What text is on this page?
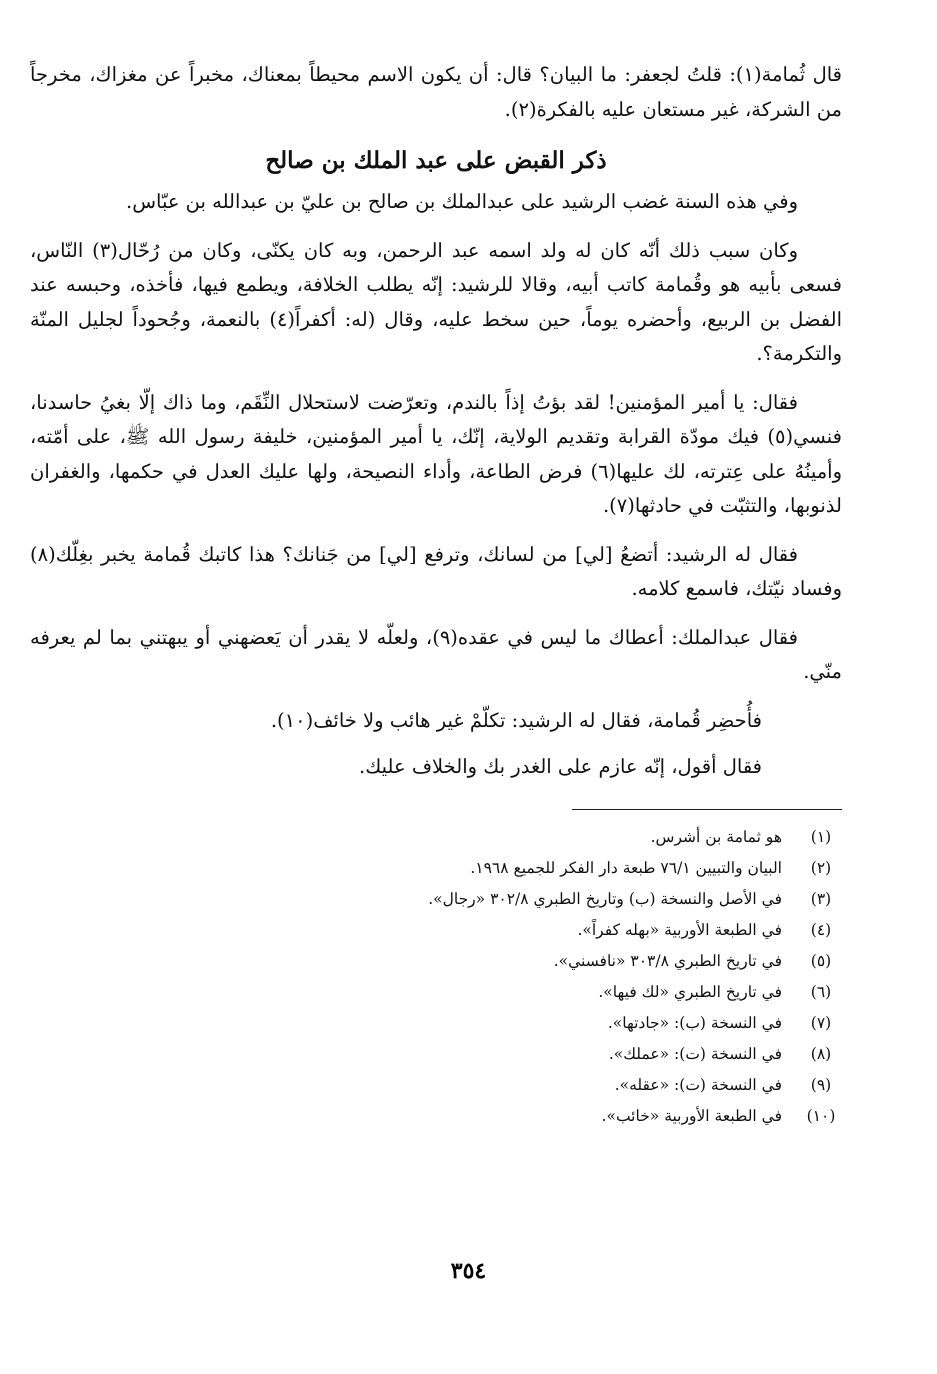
قال ثُمامة(١): قلتُ لجعفر: ما البيان؟ قال: أن يكون الاسم محيطاً بمعناك، مخبراً عن مغزاك، مخرجاً من الشركة، غير مستعان عليه بالفكرة(٢).

ذكر القبض على عبد الملك بن صالح

وفي هذه السنة غضب الرشيد على عبدالملك بن صالح بن عليّ بن عبدالله بن عبّاس.

وكان سبب ذلك أنّه كان له ولد اسمه عبد الرحمن، وبه كان يكنّى، وكان من رُحّال(٣) النّاس، فسعى بأبيه هو وقُمامة كاتب أبيه، وقالا للرشيد: إنّه يطلب الخلافة، ويطمع فيها، فأخذه، وحبسه عند الفضل بن الربيع، وأحضره يوماً، حين سخط عليه، وقال (له: أكفراً(٤) بالنعمة، وجُحوداً لجليل المنّة والتكرمة؟.

فقال: يا أمير المؤمنين! لقد بؤتُ إذاً بالندم، وتعرّضت لاستحلال النِّقَم، وما ذاك إلّا بغيُ حاسدنا، فنسي(٥) فيك مودّة القرابة وتقديم الولاية، إنّك، يا أمير المؤمنين، خليفة رسول الله ﷺ، على أمّته، وأمينُهُ على عِترته، لك عليها(٦) فرض الطاعة، وأداء النصيحة، ولها عليك العدل في حكمها، والغفران لذنوبها، والتثبّت في حادثها(٧).

فقال له الرشيد: أتضعُ [لي] من لسانك، وترفع [لي] من جَنانك؟ هذا كاتبك قُمامة يخبر بغِلّك(٨) وفساد نيّتك، فاسمع كلامه.

فقال عبدالملك: أعطاك ما ليس في عقده(٩)، ولعلّه لا يقدر أن يَعضهني أو يبهتني بما لم يعرفه منّي.

فأُحضِر قُمامة، فقال له الرشيد: تكلّمْ غير هائب ولا خائف(١٠).

فقال أقول، إنّه عازم على الغدر بك والخلاف عليك.

(١)
هو ثمامة بن أشرس.
(٢)
البيان والتبيين ٧٦/١ طبعة دار الفكر للجميع ١٩٦٨.
(٣)
في الأصل والنسخة (ب) وتاريخ الطبري ٣٠٢/٨ «رجال».
(٤)
في الطبعة الأوربية «بهله كفراً».
(٥)
في تاريخ الطبري ٣٠٣/٨ «نافسني».
(٦)
في تاريخ الطبري «لك فيها».
(٧)
في النسخة (ب): «جادتها».
(٨)
في النسخة (ت): «عملك».
(٩)
في النسخة (ت): «عقله».
(١٠)
في الطبعة الأوربية «خائب».
٣٥٤
